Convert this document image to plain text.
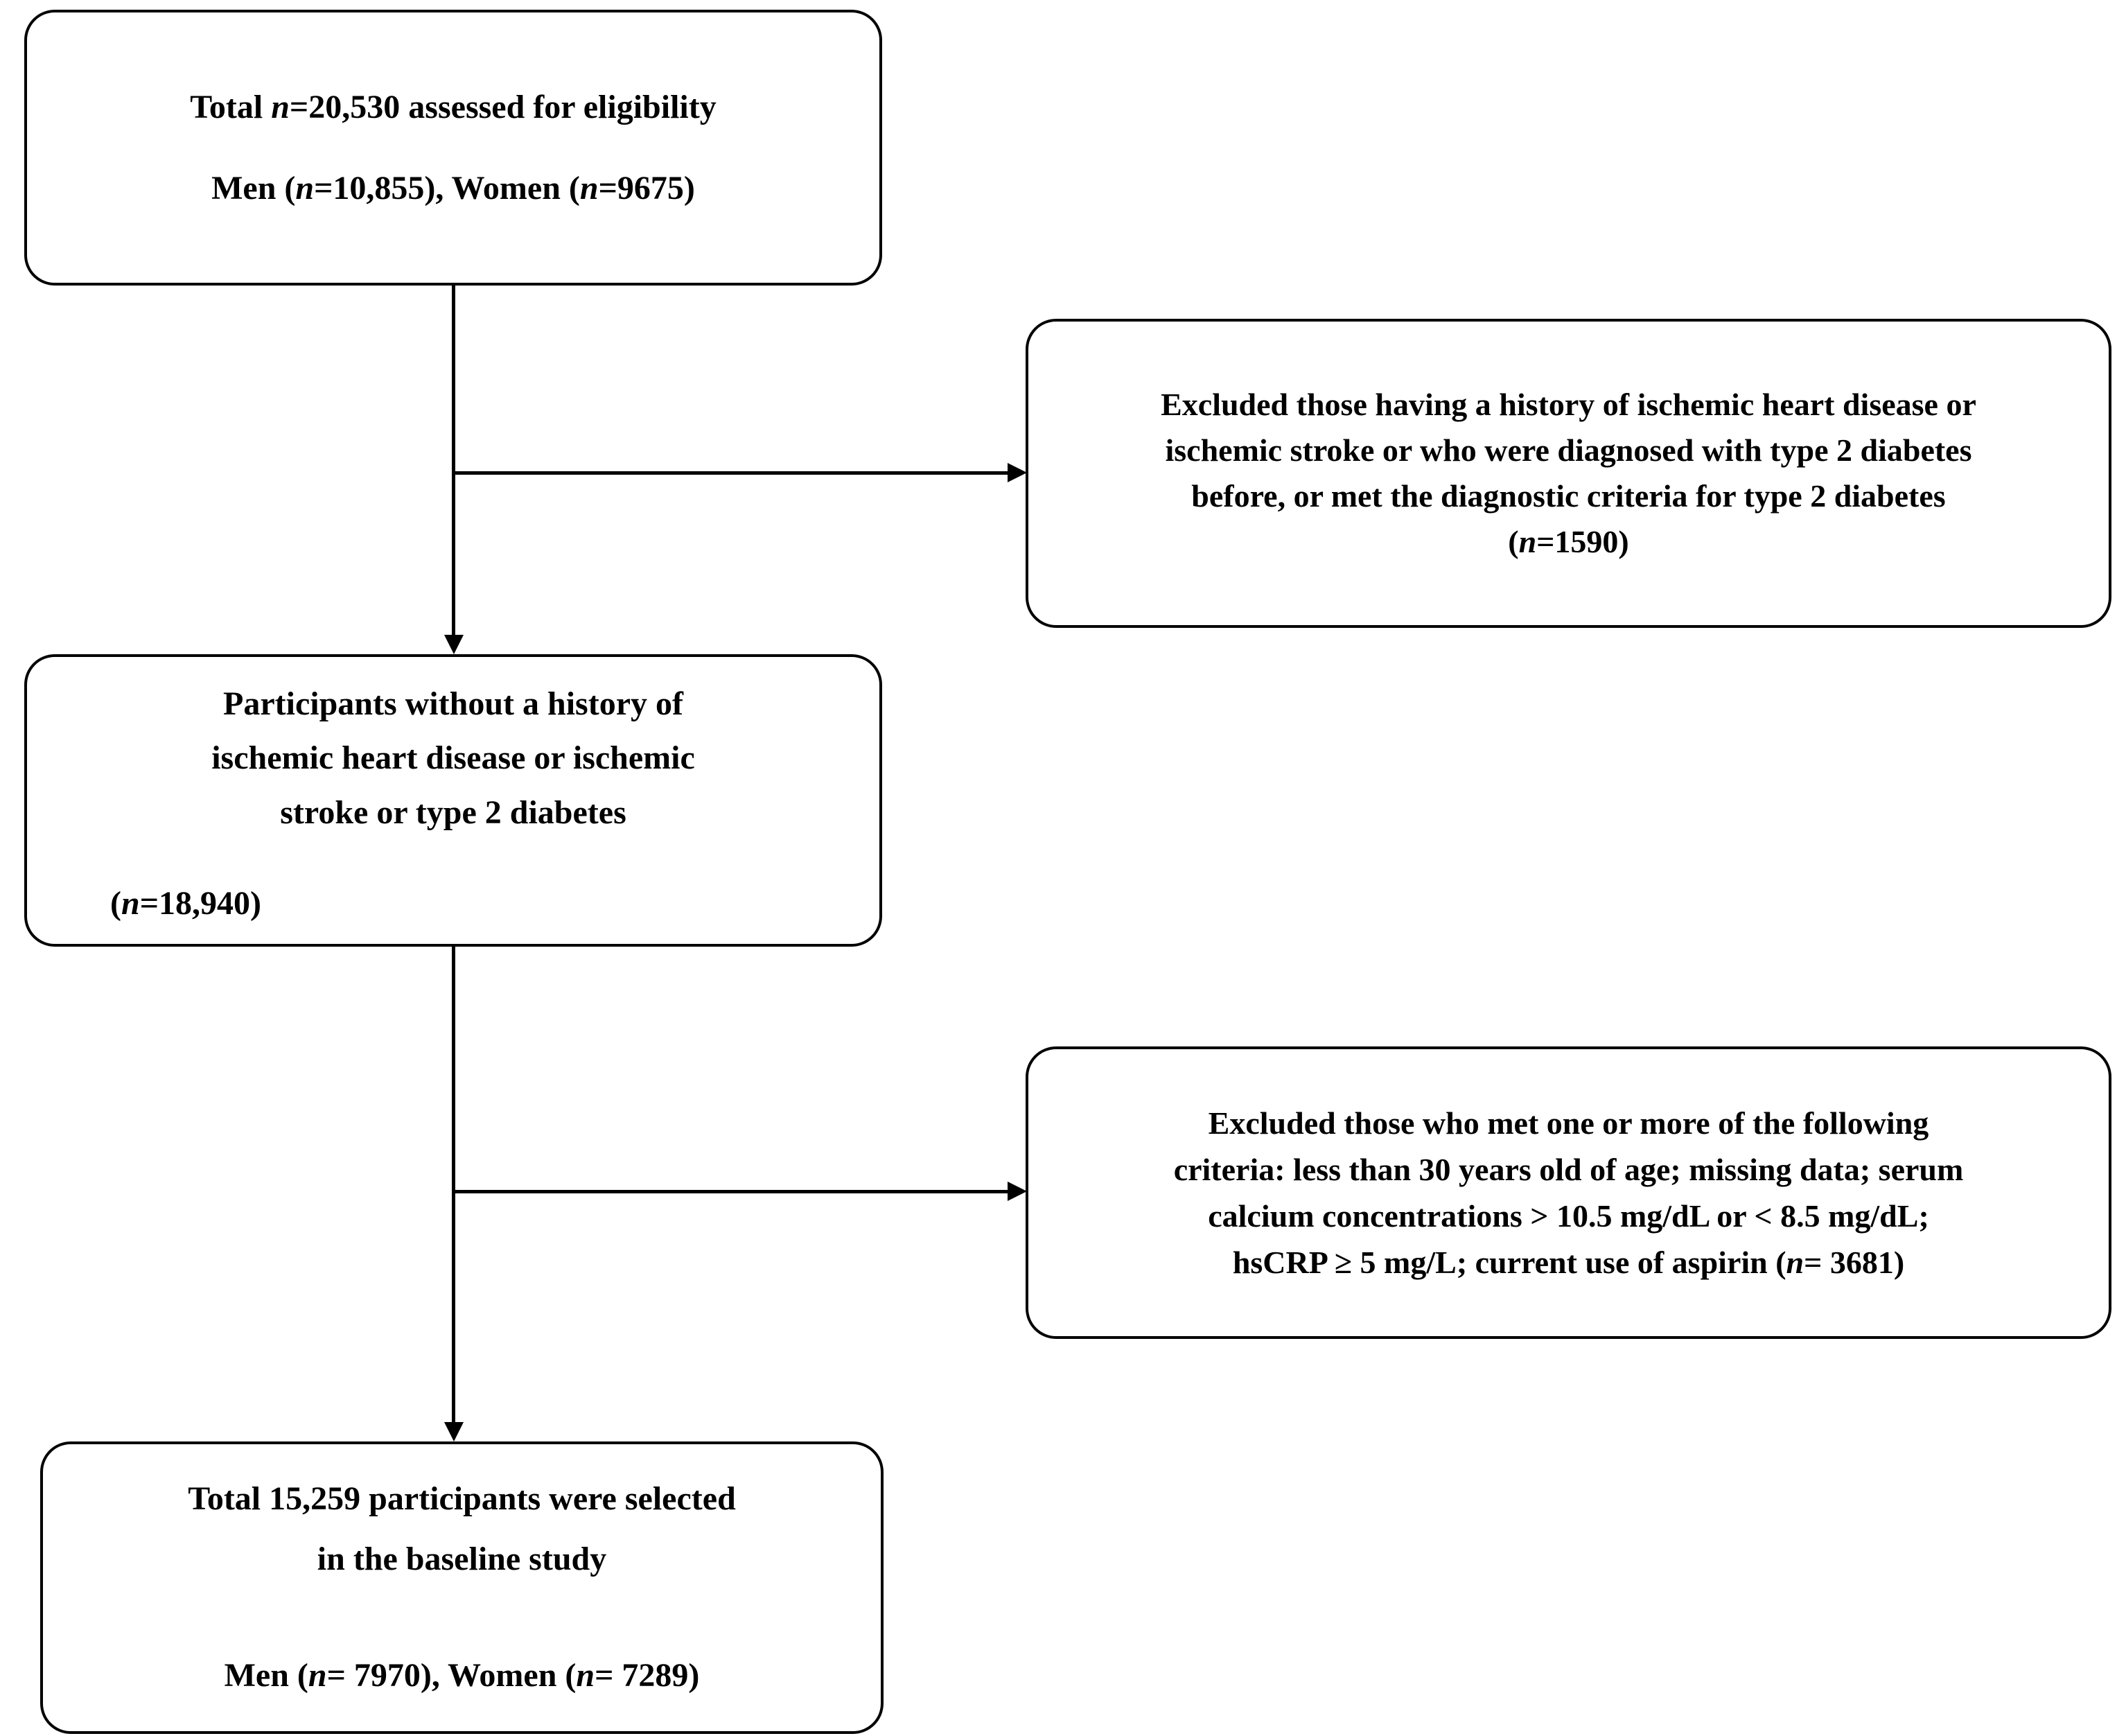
Total n=20,530 assessed for eligibility
Men (n=10,855), Women (n=9675)
Excluded those having a history of ischemic heart disease or
ischemic stroke or who were diagnosed with type 2 diabetes
before, or met the diagnostic criteria for type 2 diabetes
(n=1590)
Participants without a history of
ischemic heart disease or ischemic
stroke or type 2 diabetes
(n=18,940)
Excluded those who met one or more of the following
criteria: less than 30 years old of age; missing data; serum
calcium concentrations > 10.5 mg/dL or < 8.5 mg/dL;
hsCRP ≥ 5 mg/L; current use of aspirin (n= 3681)
Total 15,259 participants were selected
in the baseline study
Men (n= 7970), Women (n= 7289)
